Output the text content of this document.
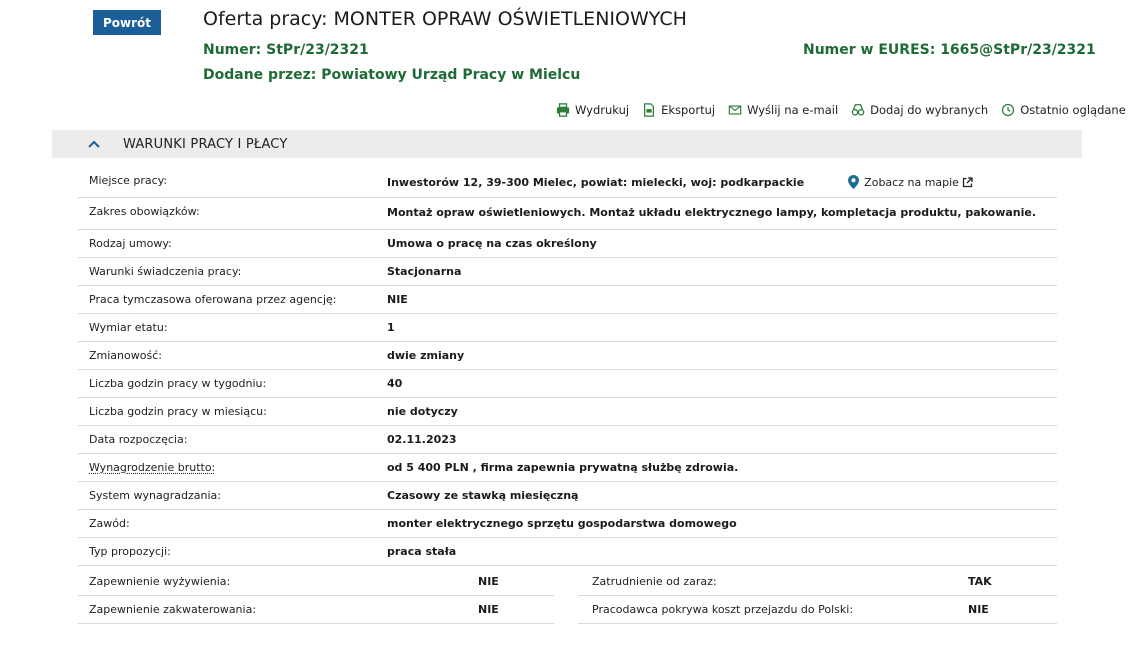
Powrót	Oferta pracy: MONTER OPRAW OŚWIETLENIOWYCH
Numer: StPr/23/2321	Numer w EURES: 1665@StPr/23/2321
Dodane przez: Powiatowy Urząd Pracy w Mielcu
Wydrukuj	Eksportuj	Wyślij na e-mail	Dodaj do wybranych	Ostatnio oglądane
WARUNKI PRACY I PŁACY
Miejsce pracy:	Inwestorów 12, 39-300 Mielec, powiat: mielecki, woj: podkarpackie	Zobacz na mapie
Zakres obowiązków:	Montaż opraw oświetleniowych. Montaż układu elektrycznego lampy, kompletacja produktu, pakowanie.
Rodzaj umowy:	Umowa o pracę na czas określony
Warunki świadczenia pracy:	Stacjonarna
Praca tymczasowa oferowana przez agencję:	NIE
Wymiar etatu:	1
Zmianowość:	dwie zmiany
Liczba godzin pracy w tygodniu:	40
Liczba godzin pracy w miesiącu:	nie dotyczy
Data rozpoczęcia:	02.11.2023
Wynagrodzenie brutto:	od 5 400 PLN , firma zapewnia prywatną służbę zdrowia.
System wynagradzania:	Czasowy ze stawką miesięczną
Zawód:	monter elektrycznego sprzętu gospodarstwa domowego
Typ propozycji:	praca stała
Zapewnienie wyżywienia:	NIE	Zatrudnienie od zaraz:	TAK
Zapewnienie zakwaterowania:	NIE	Pracodawca pokrywa koszt przejazdu do Polski:	NIE
